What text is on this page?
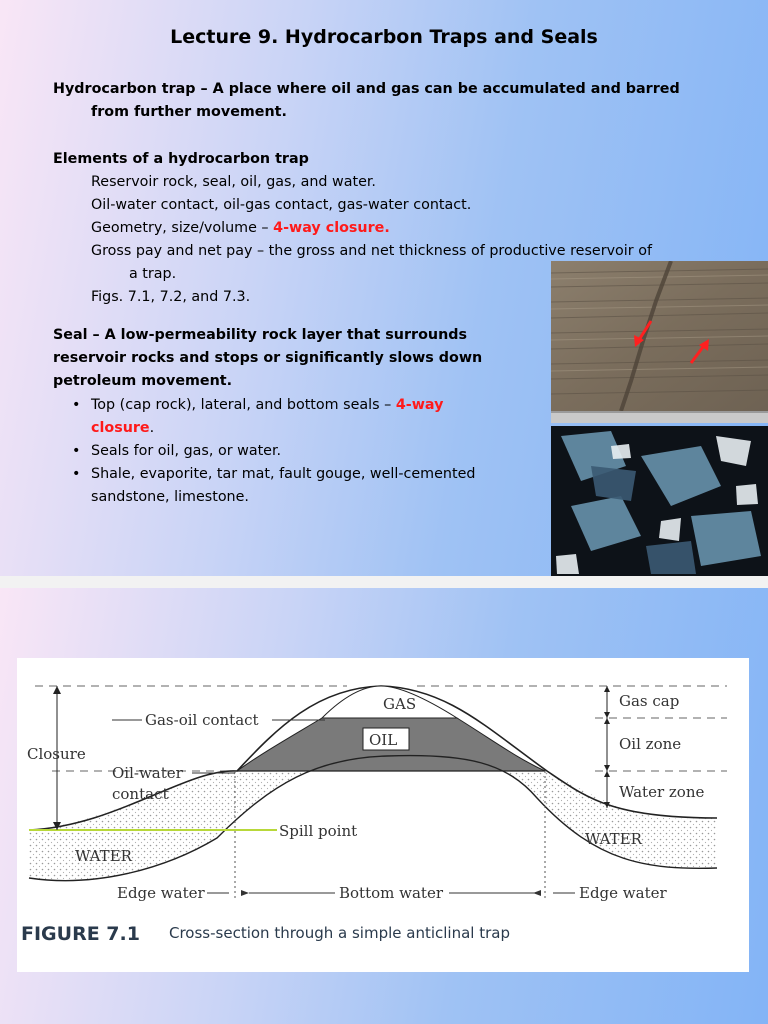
Lecture 9. Hydrocarbon Traps and Seals
Hydrocarbon trap – A place where oil and gas can be accumulated and barred
from further movement.
Elements of a hydrocarbon trap
Reservoir rock, seal, oil, gas, and water.
Oil-water contact, oil-gas contact, gas-water contact.
Geometry, size/volume – 4-way closure.
Gross pay and net pay – the gross and net thickness of productive reservoir of
a trap.
Figs. 7.1, 7.2, and 7.3.
Seal – A low-permeability rock layer that surrounds
reservoir rocks and stops or significantly slows down
petroleum movement.
• Top (cap rock), lateral, and bottom seals – 4-way
closure.
• Seals for oil, gas, or water.
• Shale, evaporite, tar mat, fault gouge, well-cemented
sandstone, limestone.
GAS
OIL
Gas-oil contact
Closure
Oil-water
contact
WATER
WATER
Spill point
Gas cap
Oil zone
Water zone
Edge water	Bottom water	Edge water
FIGURE 7.1 Cross-section through a simple anticlinal trap
